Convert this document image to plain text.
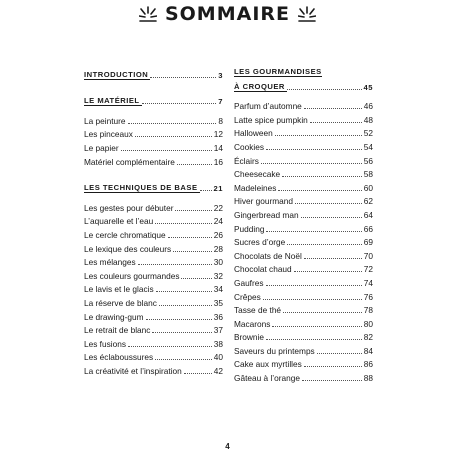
SOMMAIRE
INTRODUCTION	3
LE MATÉRIEL	7
La peinture	8
Les pinceaux	12
Le papier	14
Matériel complémentaire	16
LES TECHNIQUES DE BASE 21
Les gestes pour débuter	22
L’aquarelle et l’eau	24
Le cercle chromatique	26
Le lexique des couleurs	28
Les mélanges	30
Les couleurs gourmandes	32
Le lavis et le glacis	34
La réserve de blanc	35
Le drawing-gum	36
Le retrait de blanc	37
Les fusions	38
Les éclaboussures	40
La créativité et l’inspiration	42
LES GOURMANDISES
À CROQUER	45
Parfum d’automne	46
Latte spice pumpkin	48
Halloween	52
Cookies	54
Éclairs	56
Cheesecake	58
Madeleines	60
Hiver gourmand	62
Gingerbread man	64
Pudding	66
Sucres d’orge	69
Chocolats de Noël	70
Chocolat chaud	72
Gaufres	74
Crêpes	76
Tasse de thé	78
Macarons	80
Brownie	82
Saveurs du printemps	84
Cake aux myrtilles	86
Gâteau à l’orange	88
4
